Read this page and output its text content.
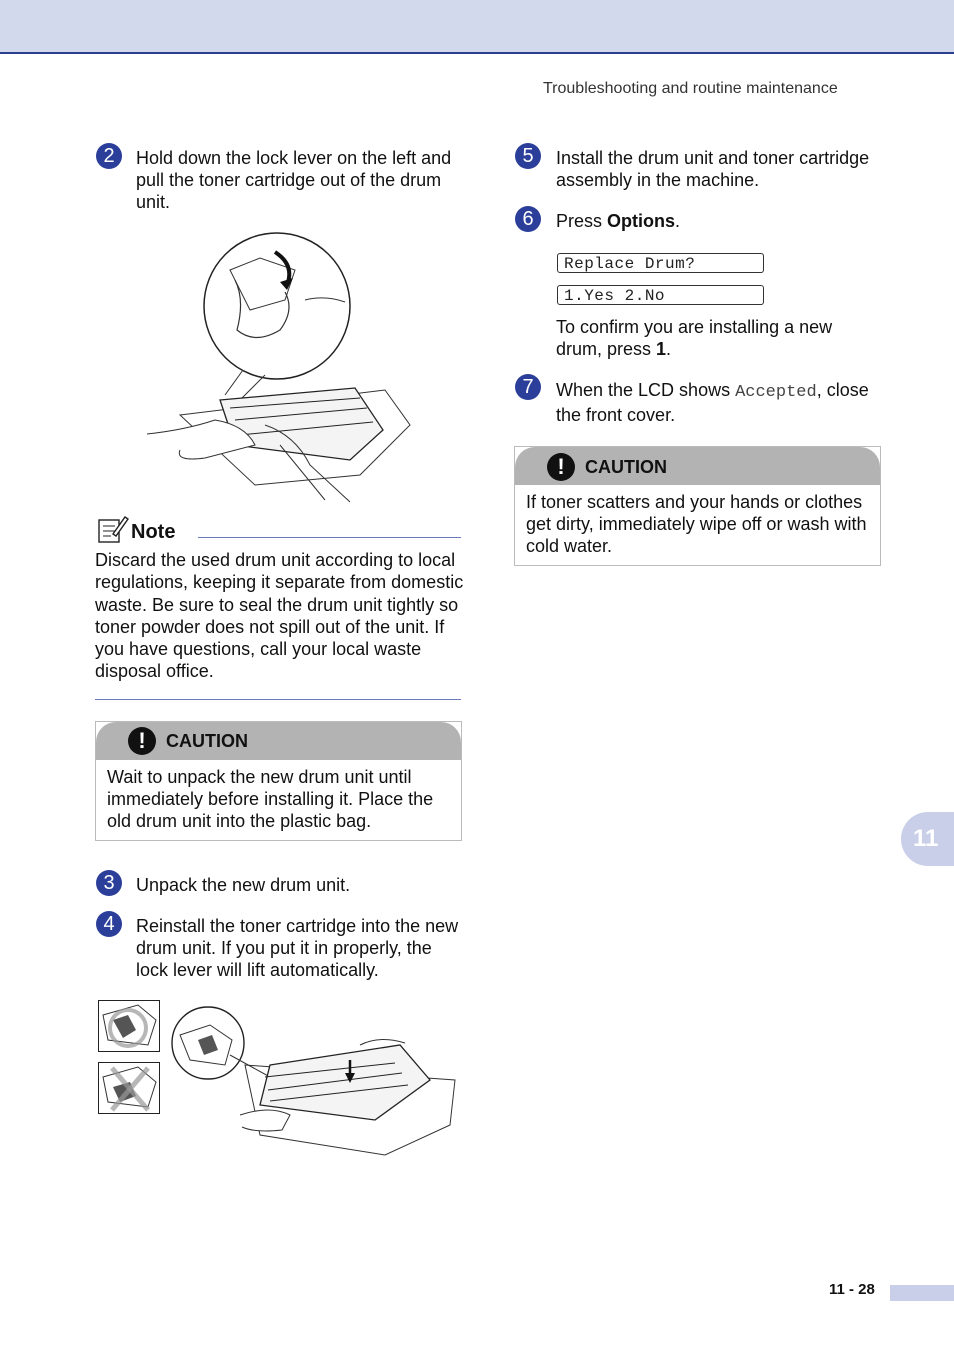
Troubleshooting and routine maintenance
2	Hold down the lock lever on the left and pull the toner cartridge out of the drum unit.
Note
Discard the used drum unit according to local regulations, keeping it separate from domestic waste. Be sure to seal the drum unit tightly so toner powder does not spill out of the unit. If you have questions, call your local waste disposal office.
!	CAUTION
Wait to unpack the new drum unit until immediately before installing it. Place the old drum unit into the plastic bag.
3	Unpack the new drum unit.
4	Reinstall the toner cartridge into the new drum unit. If you put it in properly, the lock lever will lift automatically.
5	Install the drum unit and toner cartridge assembly in the machine.
6	Press Options.
Replace Drum?
1.Yes 2.No
To confirm you are installing a new drum, press 1.
7	When the LCD shows Accepted, close the front cover.
!	CAUTION
If toner scatters and your hands or clothes get dirty, immediately wipe off or wash with cold water.
11
11 - 28
